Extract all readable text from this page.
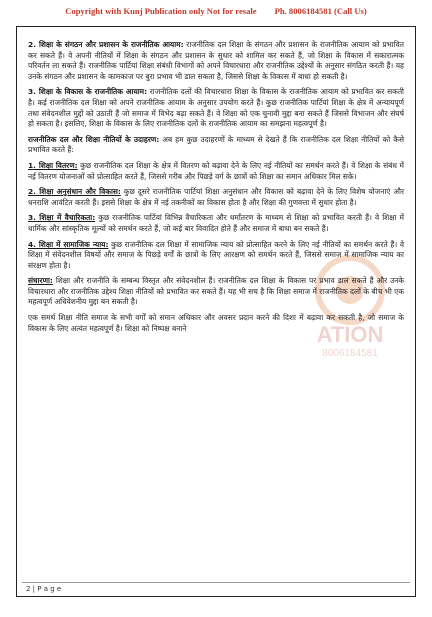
Copyright with Kunj Publication only Not for resale Ph. 8006184581 (Call Us)
ATION
8006184581

2. शिक्षा के संगठन और प्रशासन के राजनीतिक आयाम: राजनीतिक दल शिक्षा के संगठन और प्रशासन के राजनीतिक आयाम को प्रभावित कर सकते हैं। वे अपनी नीतियों में शिक्षा के संगठन और प्रशासन के सुधार को शामिल कर सकते हैं, जो शिक्षा के विकास में सकारात्मक परिवर्तन ला सकते हैं। राजनीतिक पार्टियां शिक्षा संबंधी विभागों को अपने विचारधारा और राजनीतिक उद्देश्यों के अनुसार संगठित करती हैं। यह उनके संगठन और प्रशासन के कामकाज पर बुरा प्रभाव भी डाल सकता है, जिससे शिक्षा के विकास में बाधा हो सकती है।

3. शिक्षा के विकास के राजनीतिक आयाम: राजनीतिक दलों की विचारधारा शिक्षा के विकास के राजनीतिक आयाम को प्रभावित कर सकती है। कई राजनीतिक दल शिक्षा को अपने राजनीतिक आयाम के अनुसार उपयोग करते हैं। कुछ राजनीतिक पार्टियां शिक्षा के क्षेत्र में अन्यायपूर्ण तथा संवेदनशील मुद्दों को उठाती हैं जो समाज में विभेद बढ़ा सकते हैं। वे शिक्षा को एक चुनावी मुद्दा बना सकते हैं जिससे विभाजन और संघर्ष हो सकता है। इसलिए, शिक्षा के विकास के लिए राजनीतिक दलों के राजनीतिक आयाम का समझना महत्वपूर्ण है।

राजनीतिक दल और शिक्षा नीतियों के उदाहरण: अब हम कुछ उदाहरणों के माध्यम से देखते हैं कि राजनीतिक दल शिक्षा नीतियों को कैसे प्रभावित करते हैं:

1. शिक्षा वितरण: कुछ राजनीतिक दल शिक्षा के क्षेत्र में वितरण को बढ़ावा देने के लिए नई नीतियों का समर्थन करते हैं। वे शिक्षा के संबंध में नई वितरण योजनाओं को प्रोत्साहित करते हैं, जिससे गरीब और पिछड़े वर्ग के छात्रों को शिक्षा का समान अधिकार मिल सके।

2. शिक्षा अनुसंधान और विकास: कुछ दूसरे राजनीतिक पार्टियां शिक्षा अनुसंधान और विकास को बढ़ावा देने के लिए विशेष योजनाएं और धनराशि आवंटित करती हैं। इससे शिक्षा के क्षेत्र में नई तकनीकों का विकास होता है और शिक्षा की गुणवत्ता में सुधार होता है।

3. शिक्षा में वैचारिकता: कुछ राजनीतिक पार्टियां विभिन्न वैचारिकता और धर्मांतरण के माध्यम से शिक्षा को प्रभावित करती हैं। वे शिक्षा में धार्मिक और सांस्कृतिक मूल्यों को समर्थन करते हैं, जो कई बार विवादित होते हैं और समाज में बाधा बन सकते हैं।

4. शिक्षा में सामाजिक न्याय: कुछ राजनीतिक दल शिक्षा में सामाजिक न्याय को प्रोत्साहित करने के लिए नई नीतियों का समर्थन करते हैं। वे शिक्षा में संवेदनशील विषयों और समाज के पिछड़े वर्गों के छात्रों के लिए आरक्षण को समर्थन करते हैं, जिससे समाज में सामाजिक न्याय का संरक्षण होता है।

संधारणा: शिक्षा और राजनीति के सम्बन्ध विस्तृत और संवेदनशील हैं। राजनीतिक दल शिक्षा के विकास पर प्रभाव डाल सकते हैं और उनके विचारधारा और राजनीतिक उद्देश्य शिक्षा नीतियों को प्रभावित कर सकते हैं। यह भी सच है कि शिक्षा समाज में राजनीतिक दलों के बीच भी एक महत्वपूर्ण अधिवेशनीय मुद्दा बन सकती है।

एक समर्थ शिक्षा नीति समाज के सभी वर्गों को समान अधिकार और अवसर प्रदान करने की दिशा में बढ़ावा कर सकती है, जो समाज के विकास के लिए अत्यंत महत्वपूर्ण है। शिक्षा को निष्पक्ष बनाने

2 | P a g e
